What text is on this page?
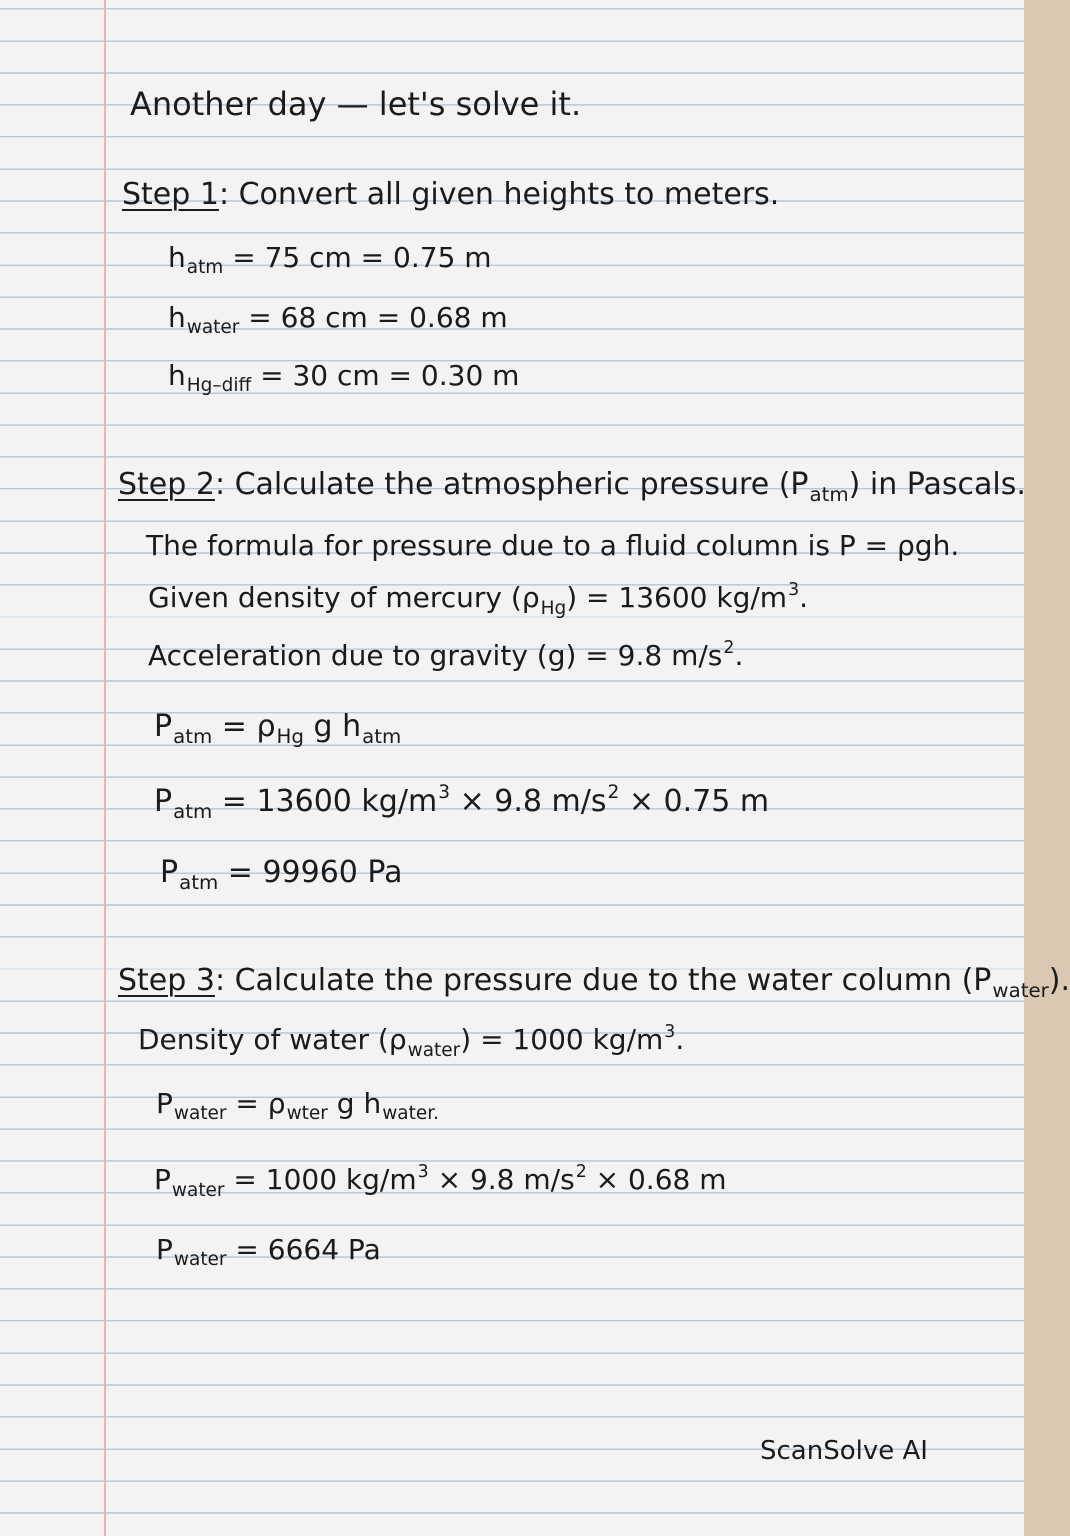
Another day — let's solve it.

Step 1: Convert all given heights to meters.

$h_{atm} = 75$ cm = 0.75 m

$h_{water} = 68$ cm = 0.68 m

$h_{Hg-diff} = 30$ cm = 0.30 m

Step 2: Calculate the atmospheric pressure $(P_{atm})$ in Pascals.

The formula for pressure due to a fluid column is P = ρgh.

Given density of mercury $(\rho_{Hg}) = 13600$ $kg/m^3$.

Acceleration due to gravity (g) = 9.8 $m/s^2$.

$P_{atm} = \rho_{Hg}$ g $h_{atm}$

$P_{atm} = 13600$ $kg/m^3 \times 9.8$ $m/s^2 \times 0.75$ m

$P_{atm} = 99960$ Pa

Step 3: Calculate the pressure due to the water column $(P_{water})$.

Density of water $(\rho_{water}) = 1000$ $kg/m^3$.

$P_{water} = \rho_{wter}$ g $h_{water.}$

$P_{water} = 1000$ $kg/m^3 \times 9.8$ $m/s^2 \times 0.68$ m

$P_{water} = 6664$ Pa

ScanSolve AI
